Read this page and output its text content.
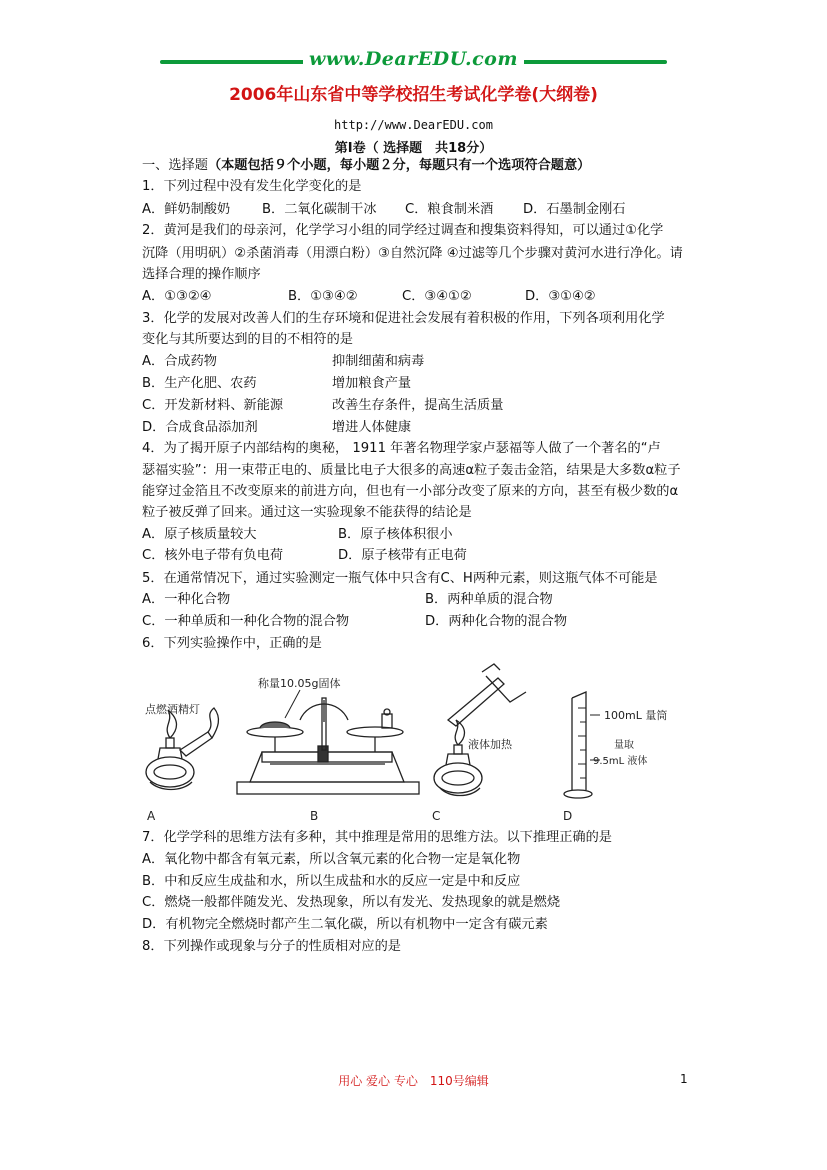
www.DearEDU.com
2006年山东省中等学校招生考试化学卷(大纲卷)
http://www.DearEDU.com
第Ⅰ卷（ 选择题　共18分）
一、选择题（本题包括９个小题，每小题２分，每题只有一个选项符合题意）
1．下列过程中没有发生化学变化的是
A．鲜奶制酸奶 B．二氧化碳制干冰 C．粮食制米酒 D．石墨制金刚石
2．黄河是我们的母亲河，化学学习小组的同学经过调查和搜集资料得知，可以通过①化学
沉降（用明矾）②杀菌消毒（用漂白粉）③自然沉降 ④过滤等几个步骤对黄河水进行净化。请
选择合理的操作顺序
A．①③②④	B．①③④②	C．③④①②	D．③①④②
3．化学的发展对改善人们的生存环境和促进社会发展有着积极的作用，下列各项利用化学
变化与其所要达到的目的不相符的是
A．合成药物	抑制细菌和病毒
B．生产化肥、农药	增加粮食产量
C．开发新材料、新能源	改善生存条件，提高生活质量
D．合成食品添加剂	增进人体健康
4．为了揭开原子内部结构的奥秘， 1911 年著名物理学家卢瑟福等人做了一个著名的“卢
瑟福实验”：用一束带正电的、质量比电子大很多的高速α粒子轰击金箔，结果是大多数α粒子
能穿过金箔且不改变原来的前进方向，但也有一小部分改变了原来的方向，甚至有极少数的α
粒子被反弹了回来。通过这一实验现象不能获得的结论是
A．原子核质量较大	B．原子核体积很小
C．核外电子带有负电荷	D．原子核带有正电荷
5．在通常情况下，通过实验测定一瓶气体中只含有C、H两种元素，则这瓶气体不可能是
A．一种化合物	B．两种单质的混合物
C．一种单质和一种化合物的混合物	D．两种化合物的混合物
6．下列实验操作中，正确的是
点燃酒精灯
A
称量10.05g固体
B
液体加热
C
100mL 量筒
量取
9.5mL 液体
D
7．化学学科的思维方法有多种，其中推理是常用的思维方法。以下推理正确的是
A．氧化物中都含有氧元素，所以含氧元素的化合物一定是氧化物
B．中和反应生成盐和水，所以生成盐和水的反应一定是中和反应
C．燃烧一般都伴随发光、发热现象，所以有发光、发热现象的就是燃烧
D．有机物完全燃烧时都产生二氧化碳，所以有机物中一定含有碳元素
8．下列操作或现象与分子的性质相对应的是
用心 爱心 专心　110号编辑	1
